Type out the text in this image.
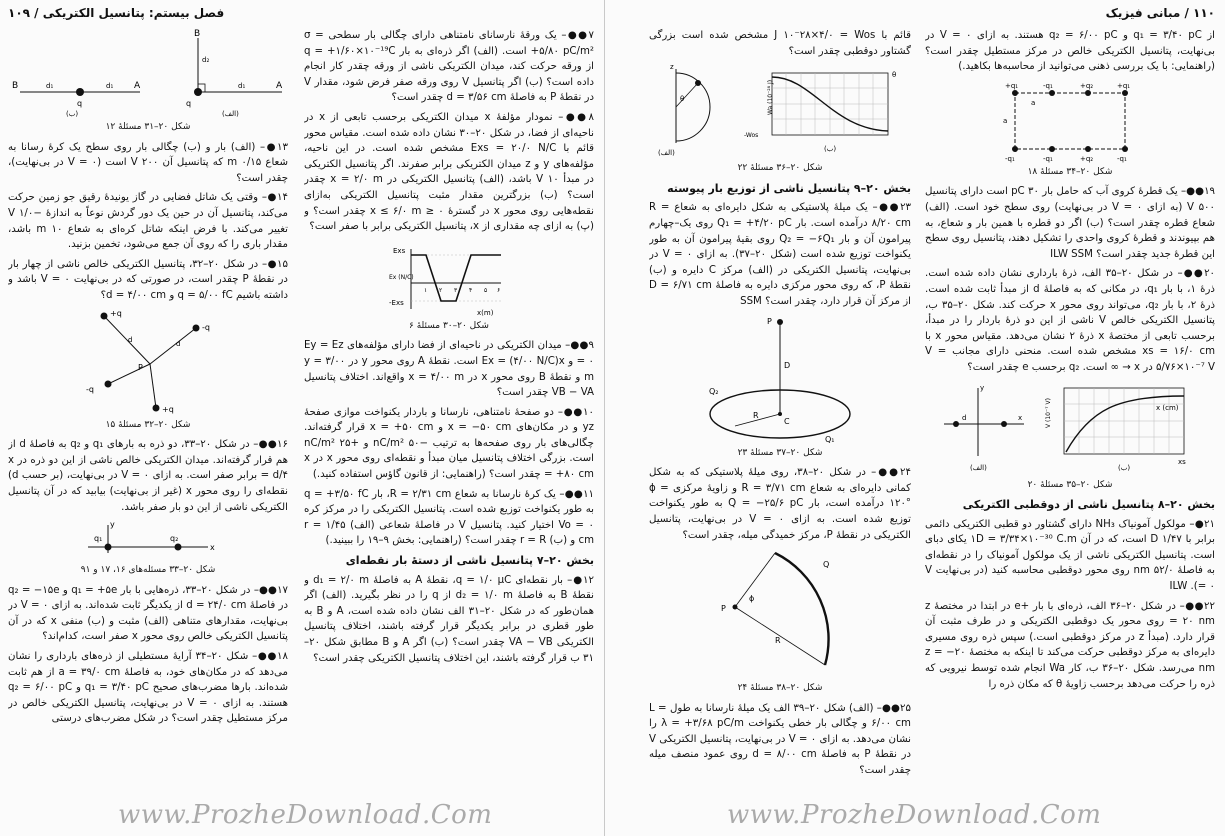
فصل بیستم: پتانسیل الکتریکی / ۱۰۹

۷●●– یک ورقهٔ نارسانای نامتناهی دارای چگالی بار سطحی σ = +۵/۸۰ pC/m² است. (الف) اگر ذره‌ای به بار q = +۱/۶۰×۱۰⁻¹⁹C از ورقه حرکت کند، میدان الکتریکی ناشی از ورقه چقدر کار انجام داده است؟ (ب) اگر پتانسیل V روی ورقه صفر فرض شود، مقدار V در نقطهٔ P به فاصلهٔ d = ۳/۵۶ cm چقدر است؟

۸●●– نمودار مؤلفهٔ x میدان الکتریکی برحسب تابعی از x در ناحیه‌ای از فضا، در شکل ۲۰–۳۰ نشان داده شده است. مقیاس محور قائم با Exs = ۲۰/۰ N/C مشخص شده است. در این ناحیه، مؤلفه‌های y و z میدان الکتریکی برابر صفرند. اگر پتانسیل الکتریکی در مبدأ ۱۰ V باشد، (الف) پتانسیل الکتریکی در x = ۲/۰ m چقدر است؟ (ب) بزرگترین مقدار مثبت پتانسیل الکتریکی به‌ازای نقطه‌هایی روی محور x در گسترهٔ ۰ ≤ x ≤ ۶/۰ m چقدر است؟ و (پ) به ازای چه مقداری از x، پتانسیل الکتریکی برابر با صفر است؟

Exs
-Exs
x(m)
Ex (N/C)
۱ ۲ ۳ ۴ ۵ ۶
شکل ۲۰–۳۰ مسئلهٔ ۶

۹●●– میدان الکتریکی در ناحیه‌ای از فضا دارای مؤلفه‌های Ey = Ez = ۰ و Ex = (۴/۰۰ N/C)x است. نقطهٔ A روی محور y در y = ۳/۰۰ m و نقطهٔ B روی محور x در x = ۴/۰۰ m واقع‌اند. اختلاف پتانسیل VB − VA چقدر است؟

۱۰●●– دو صفحهٔ نامتناهی، نارسانا و باردار یکنواخت موازی صفحهٔ yz و در مکان‌های x = −۵۰ cm و x = +۵۰ cm قرار گرفته‌اند. چگالی‌های بار روی صفحه‌ها به ترتیب −۵۰ nC/m² و +۲۵ nC/m² است. بزرگی اختلاف پتانسیل میان مبدأ و نقطه‌ای روی محور x در x = +۸۰ cm چقدر است؟ (راهنمایی: از قانون گاؤس استفاده کنید.)

۱۱●●– یک کرهٔ نارسانا به شعاع R = ۲/۳۱ cm، بار q = +۳/۵۰ fC به طور یکنواخت توزیع شده است. پتانسیل الکتریکی را در مرکز کره Vo = ۰ اختیار کنید. پتانسیل V در فاصلهٔ شعاعی (الف) r = ۱/۴۵ cm و (ب) r = R چقدر است؟ (راهنمایی: بخش ۹–۱۹ را ببینید.)

بخش ۲۰–۷ پتانسیل ناشی از دستهٔ بار نقطه‌ای

۱۲●– بار نقطه‌ای q = ۱/۰ μC، نقطهٔ A به فاصلهٔ d₁ = ۲/۰ m و نقطهٔ B به فاصلهٔ d₂ = ۱/۰ m از q را در نظر بگیرید. (الف) اگر همان‌طور که در شکل ۲۰–۳۱ الف نشان داده شده است، A و B به طور قطری در برابر یکدیگر قرار گرفته باشند، اختلاف پتانسیل الکتریکی VA − VB چقدر است؟ (ب) اگر A و B مطابق شکل ۲۰–۳۱ ب قرار گرفته باشند، این اختلاف پتانسیل الکتریکی چقدر است؟

B	A
q
d₁	d₁
(ب)
B
A
q
d₂
d₁
(الف)
شکل ۲۰–۳۱ مسئلهٔ ۱۲

۱۳●– (الف) بار و (ب) چگالی بار روی سطح یک کرهٔ رسانا به شعاع ۰/۱۵ m که پتانسیل آن ۲۰۰ V است (V = ۰ در بی‌نهایت)، چقدر است؟

۱۴●– وقتی یک شاتل فضایی در گاز یونیدهٔ رقیق جو زمین حرکت می‌کند، پتانسیل آن در حین یک دور گردش نوعاً به اندازهٔ −۱/۰ V تغییر می‌کند. با فرض اینکه شاتل کره‌ای به شعاع ۱۰ m باشد، مقدار باری را که روی آن جمع می‌شود، تخمین بزنید.

۱۵●– در شکل ۲۰–۳۲، پتانسیل الکتریکی خالص ناشی از چهار بار در نقطهٔ P چقدر است، در صورتی که در بی‌نهایت V = ۰ باشد و داشته باشیم q = ۵/۰۰ fC و d = ۴/۰۰ cm؟

+q
-q
-q
+q
P
d	d
شکل ۲۰–۳۲ مسئلهٔ ۱۵

۱۶●●– در شکل ۲۰–۳۳، دو ذره به بارهای q₁ و q₂ به فاصلهٔ d از هم قرار گرفته‌اند. میدان الکتریکی خالص ناشی از این دو ذره در x = d/۴ برابر صفر است. به ازای V = ۰ در بی‌نهایت، (بر حسب d) نقطه‌ای را روی محور x (غیر از بی‌نهایت) بیابید که در آن پتانسیل الکتریکی ناشی از این دو بار صفر باشد.

y
q₁	q₂
x
شکل ۲۰–۳۳ مسئله‌های ۱۶، ۱۷ و ۹۱

۱۷●●– در شکل ۲۰–۳۳، ذره‌هایی با بار q₁ = +۵e و q₂ = −۱۵e در فاصلهٔ d = ۲۴/۰ cm از یکدیگر ثابت شده‌اند. به ازای V = ۰ در بی‌نهایت، مقدارهای متناهی (الف) مثبت و (ب) منفی x که در آن پتانسیل الکتریکی خالص روی محور x صفر است، کدام‌اند؟

۱۸●●– شکل ۲۰–۳۴ آرایهٔ مستطیلی از ذره‌های بارداری را نشان می‌دهد که در مکان‌های خود، به فاصلهٔ a = ۳۹/۰ cm از هم ثابت شده‌اند. بارها مضرب‌های صحیح q₁ = ۳/۴۰ pC و q₂ = ۶/۰۰ pC هستند. به ازای V = ۰ در بی‌نهایت، پتانسیل الکتریکی خالص در مرکز مستطیل چقدر است؟ در شکل مضرب‌های درستی

www.ProzheDownload.Com
۱۱۰ / مبانی فیزیک

از q₁ = ۳/۴۰ pC و q₂ = ۶/۰۰ pC هستند. به ازای V = ۰ در بی‌نهایت، پتانسیل الکتریکی خالص در مرکز مستطیل چقدر است؟ (راهنمایی: با یک بررسی ذهنی می‌توانید از محاسبه‌ها بکاهید.)

+q₁	-q₁	+q₂	+q₁
-q₁	-q₁	+q₂	-q₁
a
a
شکل ۲۰–۳۴ مسئلهٔ ۱۸

۱۹●●– یک قطرهٔ کروی آب که حامل بار ۳۰ pC است دارای پتانسیل ۵۰۰ V (به ازای V = ۰ در بی‌نهایت) روی سطح خود است. (الف) شعاع قطره چقدر است؟ (ب) اگر دو قطره با همین بار و شعاع، به هم بپیوندند و قطرهٔ کروی واحدی را تشکیل دهند، پتانسیل روی سطح این قطرهٔ جدید چقدر است؟ ILW SSM

۲۰●●– در شکل ۲۰–۳۵ الف، ذرهٔ بارداری نشان داده شده است. ذرهٔ ۱، با بار q₁، در مکانی که به فاصلهٔ d از مبدأ ثابت شده است. ذرهٔ ۲، با بار q₂، می‌تواند روی محور x حرکت کند. شکل ۲۰–۳۵ ب، پتانسیل الکتریکی خالص V ناشی از این دو ذرهٔ باردار را در مبدأ، برحسب تابعی از مختصهٔ x ذرهٔ ۲ نشان می‌دهد. مقیاس محور x با xs = ۱۶/۰ cm مشخص شده است. منحنی دارای مجانب V = ۵/۷۶×۱۰⁻⁷ V در x → ∞ است. q₂ برحسب e چقدر است؟

y
x
d
(الف)
V (10⁻⁷ V)	x (cm)
xs
(ب)
شکل ۲۰–۳۵ مسئلهٔ ۲۰
بخش ۲۰–۸ پتانسیل ناشی از دوقطبی الکتریکی

۲۱●– مولکول آمونیاک NH₃ دارای گشتاور دو قطبی الکتریکی دائمی برابر با ۱/۴۷ D است، که در آن ۱D = ۳/۳۴×۱۰⁻³⁰ C.m یکای دبای است. پتانسیل الکتریکی ناشی از یک مولکول آمونیاک را در نقطه‌ای به فاصلهٔ ۵۲/۰ nm روی محور دوقطبی محاسبه کنید (در بی‌نهایت V = ۰). ILW

۲۲●●– در شکل ۲۰–۳۶ الف، ذره‌ای با بار +e در ابتدا در مختصهٔ z = ۲۰ nm روی محور یک دوقطبی الکتریکی و در طرف مثبت آن قرار دارد. (مبدأ z در مرکز دوقطبی است.) سپس ذره روی مسیری دایره‌ای به مرکز دوقطبی حرکت می‌کند تا اینکه به مختصهٔ z = −۲۰ nm می‌رسد. شکل ۲۰–۳۶ ب، کار Wa انجام شده توسط نیرویی که ذره را حرکت می‌دهد برحسب زاویهٔ θ که مکان ذره را

قائم با J ۱۰⁻۲۸×۴/۰ = Wos مشخص شده است بزرگی گشتاور دوقطبی چقدر است؟

z
θ
(الف)
Wa (10⁻²⁸ J)
θ
-Wos
(ب)
شکل ۲۰–۳۶ مسئلهٔ ۲۲
بخش ۲۰–۹ پتانسیل ناشی از توزیع بار پیوسته

۲۳●●– یک میلهٔ پلاستیکی به شکل دایره‌ای به شعاع R = ۸/۲۰ cm درآمده است. بار Q₁ = +۴/۲۰ pC روی یک‌–چهارم پیرامون آن و بار Q₂ = −۶Q₁ روی بقیهٔ پیرامون آن به طور یکنواخت توزیع شده است (شکل ۲۰–۳۷). به ازای V = ۰ در بی‌نهایت، پتانسیل الکتریکی در (الف) مرکز C دایره و (ب) نقطهٔ P، که روی محور مرکزی دایره به فاصلهٔ D = ۶/۷۱ cm از مرکز آن قرار دارد، چقدر است؟ SSM

P
D
R
C
Q₂
Q₁
شکل ۲۰–۳۷ مسئلهٔ ۲۳

۲۴●●– در شکل ۲۰–۳۸، روی میلهٔ پلاستیکی که به شکل کمانی دایره‌ای به شعاع R = ۳/۷۱ cm و زاویهٔ مرکزی ϕ = ۱۲۰° درآمده است، بار Q = −۲۵/۶ pC به طور یکنواخت توزیع شده است. به ازای V = ۰ در بی‌نهایت، پتانسیل الکتریکی در نقطهٔ P، مرکز خمیدگی میله، چقدر است؟

P
ϕ
R
Q
شکل ۲۰–۳۸ مسئلهٔ ۲۴

۲۵●●– (الف) شکل ۲۰–۳۹ الف یک میلهٔ نارسانا به طول L = ۶/۰۰ cm و چگالی بار خطی یکنواخت λ = +۳/۶۸ pC/m را نشان می‌دهد. به ازای V = ۰ در بی‌نهایت، پتانسیل الکتریکی V در نقطهٔ P به فاصلهٔ d = ۸/۰۰ cm روی عمود منصف میله چقدر است؟

www.ProzheDownload.Com
